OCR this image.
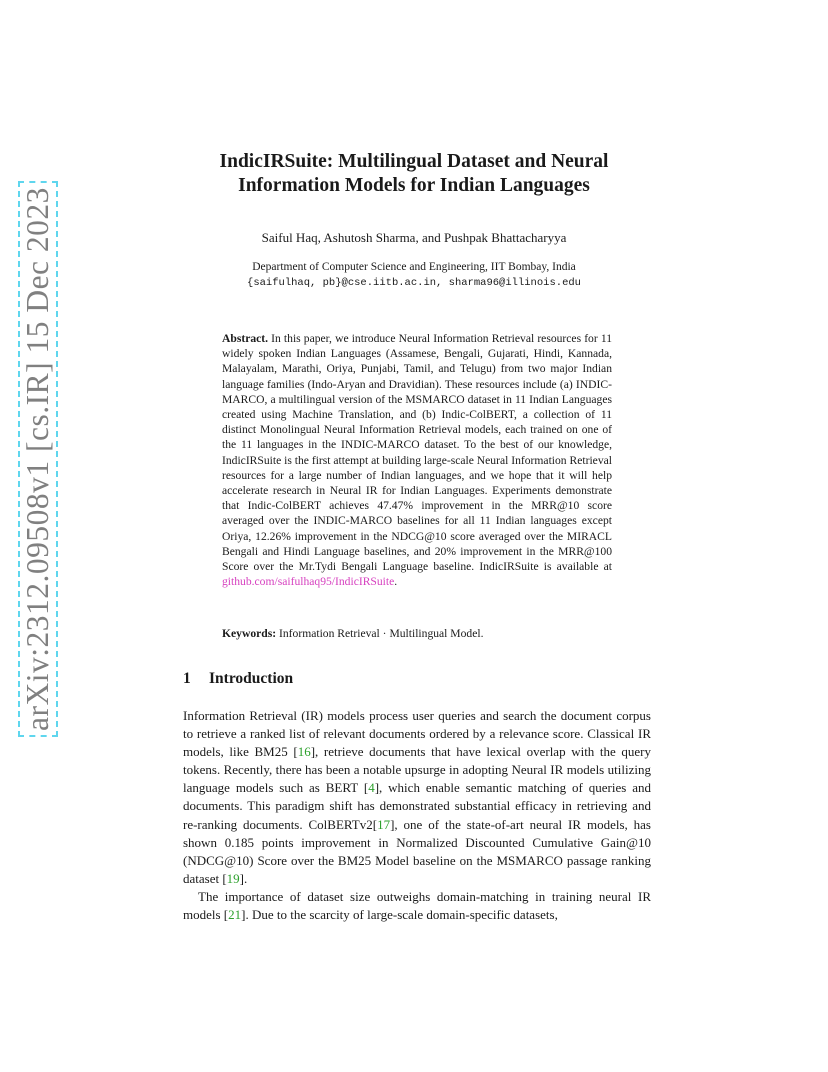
arXiv:2312.09508v1 [cs.IR] 15 Dec 2023
IndicIRSuite: Multilingual Dataset and Neural
Information Models for Indian Languages
Saiful Haq, Ashutosh Sharma, and Pushpak Bhattacharyya
Department of Computer Science and Engineering, IIT Bombay, India
{saifulhaq, pb}@cse.iitb.ac.in, sharma96@illinois.edu
Abstract. In this paper, we introduce Neural Information Retrieval resources for 11 widely spoken Indian Languages (Assamese, Bengali, Gujarati, Hindi, Kannada, Malayalam, Marathi, Oriya, Punjabi, Tamil, and Telugu) from two major Indian language families (Indo-Aryan and Dravidian). These resources include (a) INDIC-MARCO, a multilingual version of the MSMARCO dataset in 11 Indian Languages created using Machine Translation, and (b) Indic-ColBERT, a collection of 11 distinct Monolingual Neural Information Retrieval models, each trained on one of the 11 languages in the INDIC-MARCO dataset. To the best of our knowledge, IndicIRSuite is the first attempt at building large-scale Neural Information Retrieval resources for a large number of Indian languages, and we hope that it will help accelerate research in Neural IR for Indian Languages. Experiments demonstrate that Indic-ColBERT achieves 47.47% improvement in the MRR@10 score averaged over the INDIC-MARCO baselines for all 11 Indian languages except Oriya, 12.26% improvement in the NDCG@10 score averaged over the MIRACL Bengali and Hindi Language baselines, and 20% improvement in the MRR@100 Score over the Mr.Tydi Bengali Language baseline. IndicIRSuite is available at github.com/saifulhaq95/IndicIRSuite.
Keywords: Information Retrieval · Multilingual Model.
1 Introduction

Information Retrieval (IR) models process user queries and search the document corpus to retrieve a ranked list of relevant documents ordered by a relevance score. Classical IR models, like BM25 [16], retrieve documents that have lexical overlap with the query tokens. Recently, there has been a notable upsurge in adopting Neural IR models utilizing language models such as BERT [4], which enable semantic matching of queries and documents. This paradigm shift has demonstrated substantial efficacy in retrieving and re-ranking documents. ColBERTv2[17], one of the state-of-art neural IR models, has shown 0.185 points improvement in Normalized Discounted Cumulative Gain@10 (NDCG@10) Score over the BM25 Model baseline on the MSMARCO passage ranking dataset [19].

The importance of dataset size outweighs domain-matching in training neural IR models [21]. Due to the scarcity of large-scale domain-specific datasets,
